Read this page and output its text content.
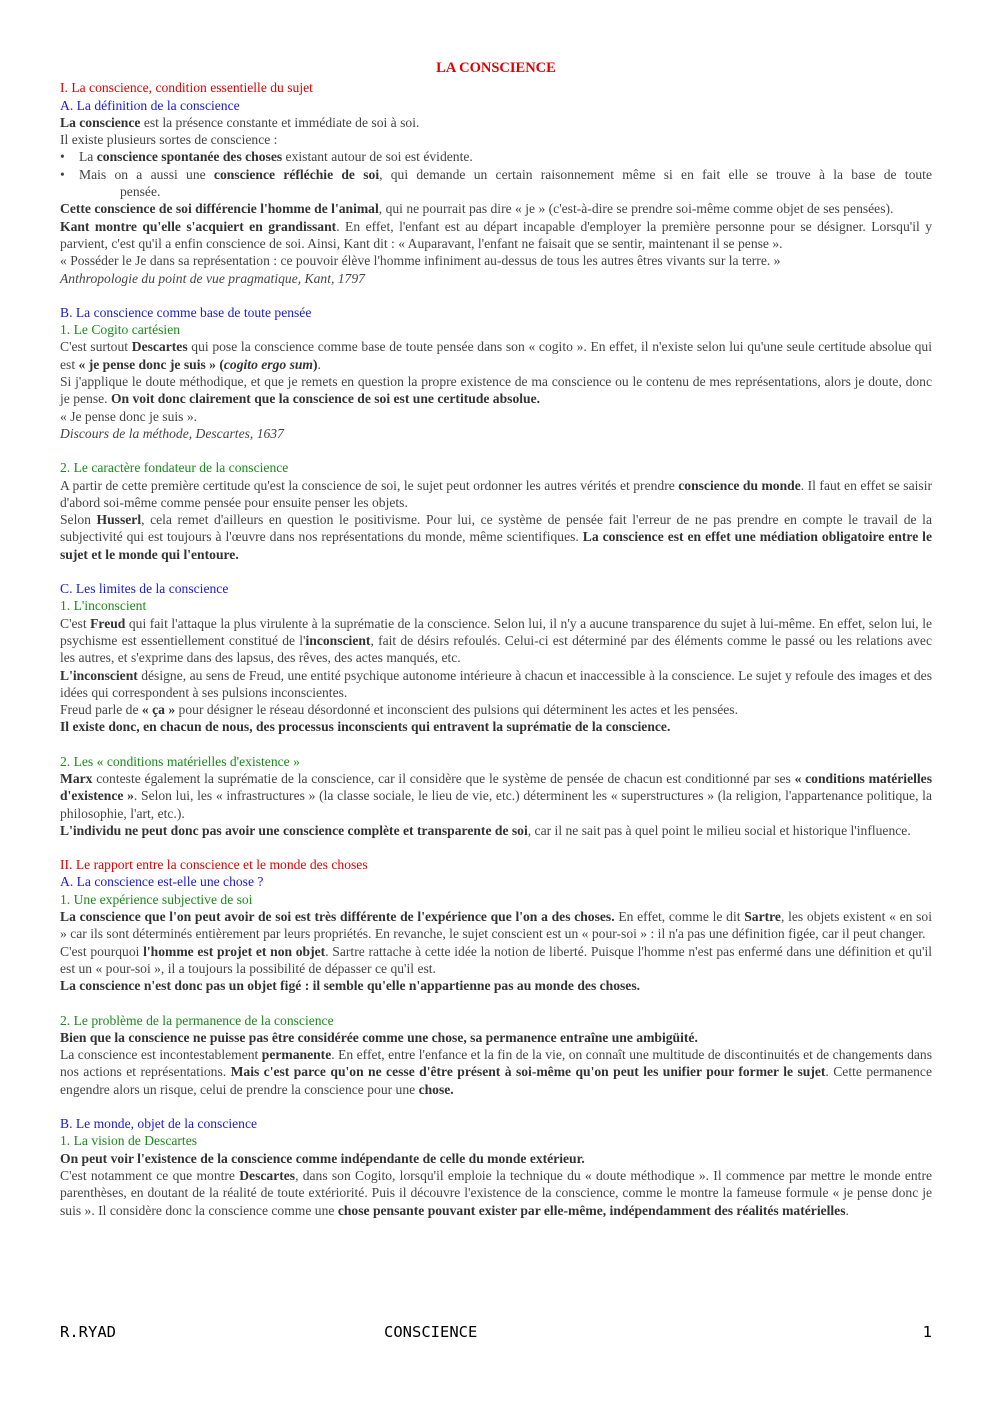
LA CONSCIENCE
I. La conscience, condition essentielle du sujet
A. La définition de la conscience
La conscience est la présence constante et immédiate de soi à soi.
Il existe plusieurs sortes de conscience :
• La conscience spontanée des choses existant autour de soi est évidente.
• Mais on a aussi une conscience réfléchie de soi, qui demande un certain raisonnement même si en fait elle se trouve à la base de toute
pensée.
Cette conscience de soi différencie l'homme de l'animal, qui ne pourrait pas dire « je » (c'est-à-dire se prendre soi-même comme objet de ses pensées).
Kant montre qu'elle s'acquiert en grandissant. En effet, l'enfant est au départ incapable d'employer la première personne pour se désigner. Lorsqu'il y parvient, c'est qu'il a enfin conscience de soi. Ainsi, Kant dit : « Auparavant, l'enfant ne faisait que se sentir, maintenant il se pense ».
« Posséder le Je dans sa représentation : ce pouvoir élève l'homme infiniment au-dessus de tous les autres êtres vivants sur la terre. »
Anthropologie du point de vue pragmatique, Kant, 1797
B. La conscience comme base de toute pensée
1. Le Cogito cartésien
C'est surtout Descartes qui pose la conscience comme base de toute pensée dans son « cogito ». En effet, il n'existe selon lui qu'une seule certitude absolue qui est « je pense donc je suis » (cogito ergo sum).
Si j'applique le doute méthodique, et que je remets en question la propre existence de ma conscience ou le contenu de mes représentations, alors je doute, donc je pense. On voit donc clairement que la conscience de soi est une certitude absolue.
« Je pense donc je suis ».
Discours de la méthode, Descartes, 1637
2. Le caractère fondateur de la conscience
A partir de cette première certitude qu'est la conscience de soi, le sujet peut ordonner les autres vérités et prendre conscience du monde. Il faut en effet se saisir d'abord soi-même comme pensée pour ensuite penser les objets.
Selon Husserl, cela remet d'ailleurs en question le positivisme. Pour lui, ce système de pensée fait l'erreur de ne pas prendre en compte le travail de la subjectivité qui est toujours à l'œuvre dans nos représentations du monde, même scientifiques. La conscience est en effet une médiation obligatoire entre le sujet et le monde qui l'entoure.
C. Les limites de la conscience
1. L'inconscient
C'est Freud qui fait l'attaque la plus virulente à la suprématie de la conscience. Selon lui, il n'y a aucune transparence du sujet à lui-même. En effet, selon lui, le psychisme est essentiellement constitué de l'inconscient, fait de désirs refoulés. Celui-ci est déterminé par des éléments comme le passé ou les relations avec les autres, et s'exprime dans des lapsus, des rêves, des actes manqués, etc.
L'inconscient désigne, au sens de Freud, une entité psychique autonome intérieure à chacun et inaccessible à la conscience. Le sujet y refoule des images et des idées qui correspondent à ses pulsions inconscientes.
Freud parle de « ça » pour désigner le réseau désordonné et inconscient des pulsions qui déterminent les actes et les pensées.
Il existe donc, en chacun de nous, des processus inconscients qui entravent la suprématie de la conscience.
2. Les « conditions matérielles d'existence »
Marx conteste également la suprématie de la conscience, car il considère que le système de pensée de chacun est conditionné par ses « conditions matérielles d'existence ». Selon lui, les « infrastructures » (la classe sociale, le lieu de vie, etc.) déterminent les « superstructures » (la religion, l'appartenance politique, la philosophie, l'art, etc.).
L'individu ne peut donc pas avoir une conscience complète et transparente de soi, car il ne sait pas à quel point le milieu social et historique l'influence.
II. Le rapport entre la conscience et le monde des choses
A. La conscience est-elle une chose ?
1. Une expérience subjective de soi
La conscience que l'on peut avoir de soi est très différente de l'expérience que l'on a des choses. En effet, comme le dit Sartre, les objets existent « en soi » car ils sont déterminés entièrement par leurs propriétés. En revanche, le sujet conscient est un « pour-soi » : il n'a pas une définition figée, car il peut changer.
C'est pourquoi l'homme est projet et non objet. Sartre rattache à cette idée la notion de liberté. Puisque l'homme n'est pas enfermé dans une définition et qu'il est un « pour-soi », il a toujours la possibilité de dépasser ce qu'il est.
La conscience n'est donc pas un objet figé : il semble qu'elle n'appartienne pas au monde des choses.
2. Le problème de la permanence de la conscience
Bien que la conscience ne puisse pas être considérée comme une chose, sa permanence entraîne une ambigüité.
La conscience est incontestablement permanente. En effet, entre l'enfance et la fin de la vie, on connaît une multitude de discontinuités et de changements dans nos actions et représentations. Mais c'est parce qu'on ne cesse d'être présent à soi-même qu'on peut les unifier pour former le sujet. Cette permanence engendre alors un risque, celui de prendre la conscience pour une chose.
B. Le monde, objet de la conscience
1. La vision de Descartes
On peut voir l'existence de la conscience comme indépendante de celle du monde extérieur.
C'est notamment ce que montre Descartes, dans son Cogito, lorsqu'il emploie la technique du « doute méthodique ». Il commence par mettre le monde entre parenthèses, en doutant de la réalité de toute extériorité. Puis il découvre l'existence de la conscience, comme le montre la fameuse formule « je pense donc je suis ». Il considère donc la conscience comme une chose pensante pouvant exister par elle-même, indépendamment des réalités matérielles.
R.RYAD	CONSCIENCE	1
